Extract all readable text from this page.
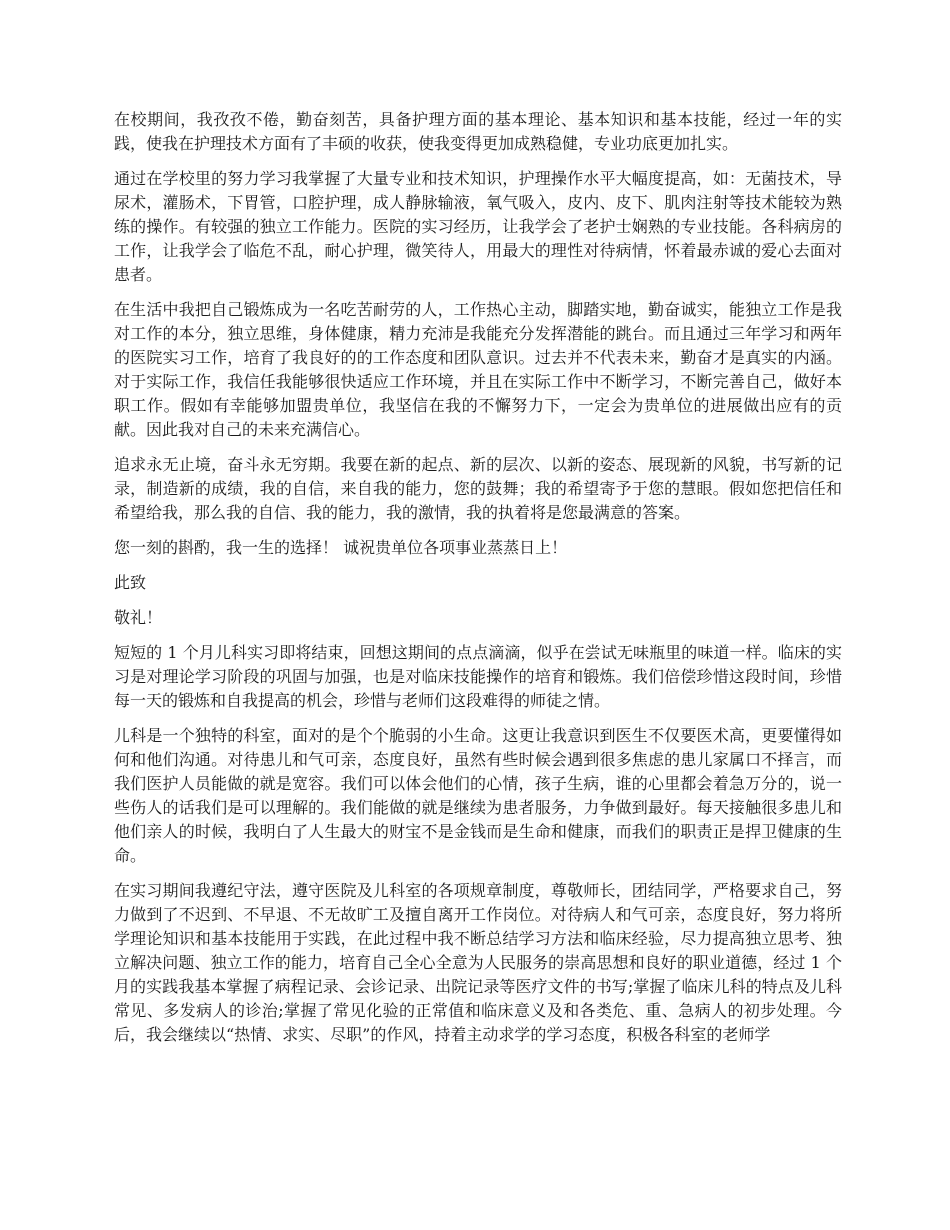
在校期间，我孜孜不倦，勤奋刻苦，具备护理方面的基本理论、基本知识和基本技能，经过一年的实践，使我在护理技术方面有了丰硕的收获，使我变得更加成熟稳健，专业功底更加扎实。

通过在学校里的努力学习我掌握了大量专业和技术知识，护理操作水平大幅度提高，如：无菌技术，导尿术，灌肠术，下胃管，口腔护理，成人静脉输液，氧气吸入，皮内、皮下、肌肉注射等技术能较为熟练的操作。有较强的独立工作能力。医院的实习经历，让我学会了老护士娴熟的专业技能。各科病房的工作，让我学会了临危不乱，耐心护理，微笑待人，用最大的理性对待病情，怀着最赤诚的爱心去面对患者。

在生活中我把自己锻炼成为一名吃苦耐劳的人，工作热心主动，脚踏实地，勤奋诚实，能独立工作是我对工作的本分，独立思维，身体健康，精力充沛是我能充分发挥潜能的跳台。而且通过三年学习和两年的医院实习工作，培育了我良好的的工作态度和团队意识。过去并不代表未来，勤奋才是真实的内涵。对于实际工作，我信任我能够很快适应工作环境，并且在实际工作中不断学习，不断完善自己，做好本职工作。假如有幸能够加盟贵单位，我坚信在我的不懈努力下，一定会为贵单位的进展做出应有的贡献。因此我对自己的未来充满信心。

追求永无止境，奋斗永无穷期。我要在新的起点、新的层次、以新的姿态、展现新的风貌，书写新的记录，制造新的成绩，我的自信，来自我的能力，您的鼓舞；我的希望寄予于您的慧眼。假如您把信任和希望给我，那么我的自信、我的能力，我的激情，我的执着将是您最满意的答案。

您一刻的斟酌，我一生的选择！ 诚祝贵单位各项事业蒸蒸日上！

此致

敬礼！

短短的 1 个月儿科实习即将结束，回想这期间的点点滴滴，似乎在尝试无味瓶里的味道一样。临床的实习是对理论学习阶段的巩固与加强，也是对临床技能操作的培育和锻炼。我们倍偿珍惜这段时间，珍惜每一天的锻炼和自我提高的机会，珍惜与老师们这段难得的师徒之情。

儿科是一个独特的科室，面对的是个个脆弱的小生命。这更让我意识到医生不仅要医术高，更要懂得如何和他们沟通。对待患儿和气可亲，态度良好，虽然有些时候会遇到很多焦虑的患儿家属口不择言，而我们医护人员能做的就是宽容。我们可以体会他们的心情，孩子生病，谁的心里都会着急万分的，说一些伤人的话我们是可以理解的。我们能做的就是继续为患者服务，力争做到最好。每天接触很多患儿和他们亲人的时候，我明白了人生最大的财宝不是金钱而是生命和健康，而我们的职责正是捍卫健康的生命。

在实习期间我遵纪守法，遵守医院及儿科室的各项规章制度，尊敬师长，团结同学，严格要求自己，努力做到了不迟到、不早退、不无故旷工及擅自离开工作岗位。对待病人和气可亲，态度良好，努力将所学理论知识和基本技能用于实践，在此过程中我不断总结学习方法和临床经验，尽力提高独立思考、独立解决问题、独立工作的能力，培育自己全心全意为人民服务的崇高思想和良好的职业道德，经过 1 个月的实践我基本掌握了病程记录、会诊记录、出院记录等医疗文件的书写;掌握了临床儿科的特点及儿科常见、多发病人的诊治;掌握了常见化验的正常值和临床意义及和各类危、重、急病人的初步处理。今后，我会继续以“热情、求实、尽职”的作风，持着主动求学的学习态度，积极各科室的老师学
